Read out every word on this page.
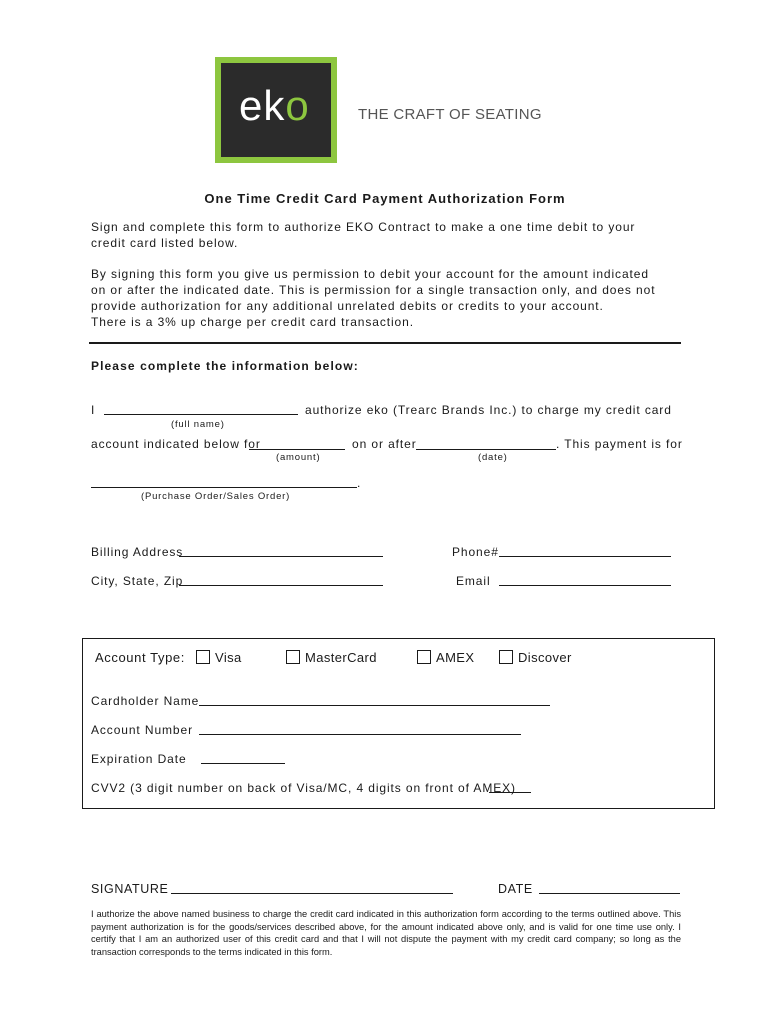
eko	THE CRAFT OF SEATING
One Time Credit Card Payment Authorization Form
Sign and complete this form to authorize EKO Contract to make a one time debit to your
credit card listed below.
By signing this form you give us permission to debit your account for the amount indicated
on or after the indicated date. This is permission for a single transaction only, and does not
provide authorization for any additional unrelated debits or credits to your account.
There is a 3% up charge per credit card transaction.
Please complete the information below:
I	authorize eko (Trearc Brands Inc.) to charge my credit card
(full name)
account indicated below for	on or after	. This payment is for
(amount)	(date)
.
(Purchase Order/Sales Order)
Billing Address	Phone#
City, State, Zip	Email
Account Type: Visa	MasterCard	AMEX	Discover
Cardholder Name
Account Number
Expiration Date
CVV2 (3 digit number on back of Visa/MC, 4 digits on front of AMEX)
SIGNATURE	DATE
I authorize the above named business to charge the credit card indicated in this authorization form according to the terms outlined above. This payment authorization is for the goods/services described above, for the amount indicated above only, and is valid for one time use only. I certify that I am an authorized user of this credit card and that I will not dispute the payment with my credit card company; so long as the transaction corresponds to the terms indicated in this form.
